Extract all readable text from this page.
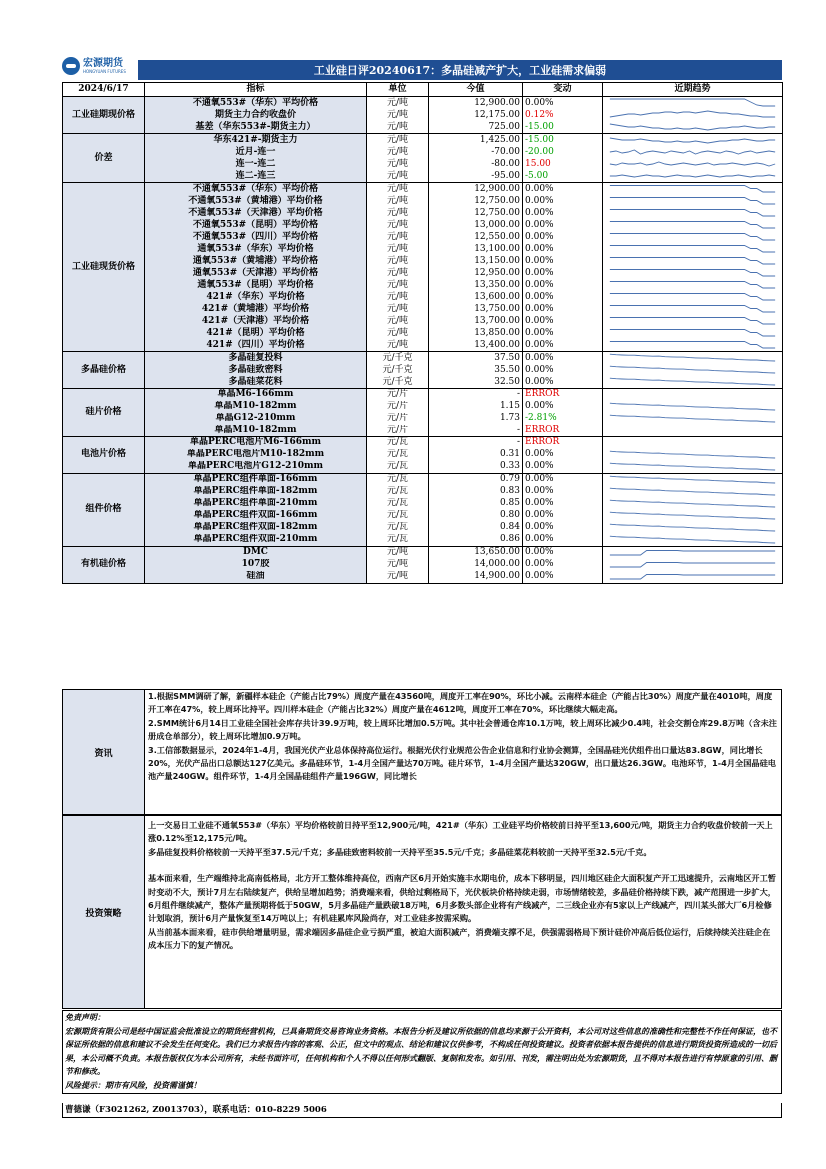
宏源期货
HONGYUAN FUTURES	工业硅日评20240617：多晶硅减产扩大，工业硅需求偏弱
2024/6/17	指标	单位	今值	变动	近期趋势
工业硅期现价格	不通氧553#（华东）平均价格	元/吨	12,900.00	0.00%	

	期货主力合约收盘价	元/吨	12,175.00	0.12%	

	基差（华东553#-期货主力）	元/吨	725.00	-15.00	

价差	华东421#-期货主力	元/吨	1,425.00	-15.00	

	近月-连一	元/吨	-70.00	-20.00	

	连一-连二	元/吨	-80.00	15.00	

	连二-连三	元/吨	-95.00	-5.00	

工业硅现货价格	不通氧553#（华东）平均价格	元/吨	12,900.00	0.00%	

	不通氧553#（黄埔港）平均价格	元/吨	12,750.00	0.00%	

	不通氧553#（天津港）平均价格	元/吨	12,750.00	0.00%	

	不通氧553#（昆明）平均价格	元/吨	13,000.00	0.00%	

	不通氧553#（四川）平均价格	元/吨	12,550.00	0.00%	

	通氧553#（华东）平均价格	元/吨	13,100.00	0.00%	

	通氧553#（黄埔港）平均价格	元/吨	13,150.00	0.00%	

	通氧553#（天津港）平均价格	元/吨	12,950.00	0.00%	

	通氧553#（昆明）平均价格	元/吨	13,350.00	0.00%	

	421#（华东）平均价格	元/吨	13,600.00	0.00%	

	421#（黄埔港）平均价格	元/吨	13,750.00	0.00%	

	421#（天津港）平均价格	元/吨	13,700.00	0.00%	

	421#（昆明）平均价格	元/吨	13,850.00	0.00%	

	421#（四川）平均价格	元/吨	13,400.00	0.00%	

多晶硅价格	多晶硅复投料	元/千克	37.50	0.00%	

	多晶硅致密料	元/千克	35.50	0.00%	

	多晶硅菜花料	元/千克	32.50	0.00%	

硅片价格	单晶M6-166mm	元/片	-	ERROR	
	单晶M10-182mm	元/片	1.15	0.00%	

	单晶G12-210mm	元/片	1.73	-2.81%	

	单晶M10-182mm	元/片	-	ERROR	
电池片价格	单晶PERC电池片M6-166mm	元/瓦	-	ERROR	
	单晶PERC电池片M10-182mm	元/瓦	0.31	0.00%	

	单晶PERC电池片G12-210mm	元/瓦	0.33	0.00%	

组件价格	单晶PERC组件单面-166mm	元/瓦	0.79	0.00%	

	单晶PERC组件单面-182mm	元/瓦	0.83	0.00%	

	单晶PERC组件单面-210mm	元/瓦	0.85	0.00%	

	单晶PERC组件双面-166mm	元/瓦	0.80	0.00%	

	单晶PERC组件双面-182mm	元/瓦	0.84	0.00%	

	单晶PERC组件双面-210mm	元/瓦	0.86	0.00%	

有机硅价格	DMC	元/吨	13,650.00	0.00%	

	107胶	元/吨	14,000.00	0.00%	

	硅油	元/吨	14,900.00	0.00%	
资讯
1.根据SMM调研了解，新疆样本硅企（产能占比79%）周度产量在43560吨，周度开工率在90%，环比小减。云南样本硅企（产能占比30%）周度产量在4010吨，周度开工率在47%，较上周环比持平。四川样本硅企（产能占比32%）周度产量在4612吨，周度开工率在70%，环比继续大幅走高。
2.SMM统计6月14日工业硅全国社会库存共计39.9万吨，较上周环比增加0.5万吨。其中社会普通仓库10.1万吨，较上周环比减少0.4吨，社会交割仓库29.8万吨（含未注册成仓单部分），较上周环比增加0.9万吨。
3.工信部数据显示，2024年1-4月，我国光伏产业总体保持高位运行。根据光伏行业规范公告企业信息和行业协会测算，全国晶硅光伏组件出口量达83.8GW，同比增长20%，光伏产品出口总额达127亿美元。多晶硅环节，1-4月全国产量达70万吨。硅片环节，1-4月全国产量达320GW，出口量达26.3GW。电池环节，1-4月全国晶硅电池产量240GW。组件环节，1-4月全国晶硅组件产量196GW，同比增长
投资策略
上一交易日工业硅不通氧553#（华东）平均价格较前日持平至12,900元/吨，421#（华东）工业硅平均价格较前日持平至13,600元/吨，期货主力合约收盘价较前一天上涨0.12%至12,175元/吨。
多晶硅复投料价格较前一天持平至37.5元/千克；多晶硅致密料较前一天持平至35.5元/千克；多晶硅菜花料较前一天持平至32.5元/千克。
基本面来看，生产端维持北高南低格局，北方开工整体维持高位，西南产区6月开始实施丰水期电价，成本下移明显，四川地区硅企大面积复产开工迅速提升，云南地区开工暂时变动不大，预计7月左右陆续复产，供给呈增加趋势；消费端来看，供给过剩格局下，光伏板块价格持续走弱，市场情绪较差，多晶硅价格持续下跌，减产范围进一步扩大，6月组件继续减产，整体产量预期将低于50GW，5月多晶硅产量跌破18万吨，6月多数头部企业将有产线减产，二三线企业亦有5家以上产线减产，四川某头部大厂6月检修计划取消，预计6月产量恢复至14万吨以上；有机硅累库风险尚存，对工业硅多按需采购。
从当前基本面来看，硅市供给增量明显，需求端因多晶硅企业亏损严重，被迫大面积减产，消费端支撑不足，供强需弱格局下预计硅价冲高后低位运行，后续持续关注硅企在成本压力下的复产情况。
免责声明：
宏源期货有限公司是经中国证监会批准设立的期货经营机构，已具备期货交易咨询业务资格。本报告分析及建议所依据的信息均来源于公开资料，本公司对这些信息的准确性和完整性不作任何保证，也不保证所依据的信息和建议不会发生任何变化。我们已力求报告内容的客观、公正，但文中的观点、结论和建议仅供参考，不构成任何投资建议。投资者依据本报告提供的信息进行期货投资所造成的一切后果，本公司概不负责。本报告版权仅为本公司所有，未经书面许可，任何机构和个人不得以任何形式翻版、复制和发布。如引用、刊发，需注明出处为宏源期货，且不得对本报告进行有悖原意的引用、删节和修改。
风险提示：期市有风险，投资需谨慎！
曹德谦（F3021262, Z0013703），联系电话：010-8229 5006
